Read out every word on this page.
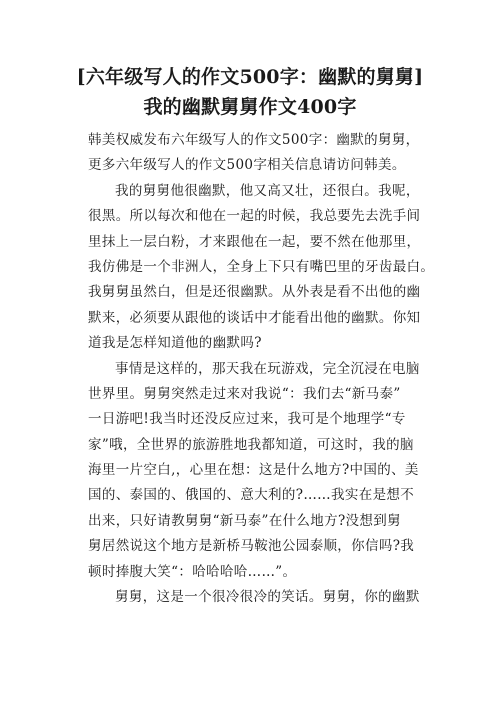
[六年级写人的作文500字：幽默的舅舅]
我的幽默舅舅作文400字
韩美权威发布六年级写人的作文500字：幽默的舅舅，
更多六年级写人的作文500字相关信息请访问韩美。
我的舅舅他很幽默，他又高又壮，还很白。我呢，
很黑。所以每次和他在一起的时候，我总要先去洗手间
里抹上一层白粉，才来跟他在一起，要不然在他那里，
我仿佛是一个非洲人，全身上下只有嘴巴里的牙齿最白。
我舅舅虽然白，但是还很幽默。从外表是看不出他的幽
默来，必须要从跟他的谈话中才能看出他的幽默。你知
道我是怎样知道他的幽默吗?
事情是这样的，那天我在玩游戏，完全沉浸在电脑
世界里。舅舅突然走过来对我说“：我们去“新马泰”
一日游吧!我当时还没反应过来，我可是个地理学“专
家”哦，全世界的旅游胜地我都知道，可这时，我的脑
海里一片空白,，心里在想：这是什么地方?中国的、美
国的、泰国的、俄国的、意大利的?……我实在是想不
出来，只好请教舅舅“新马泰”在什么地方?没想到舅
舅居然说这个地方是新桥马鞍池公园泰顺，你信吗?我
顿时捧腹大笑“：哈哈哈哈……”。
舅舅，这是一个很冷很冷的笑话。舅舅，你的幽默
